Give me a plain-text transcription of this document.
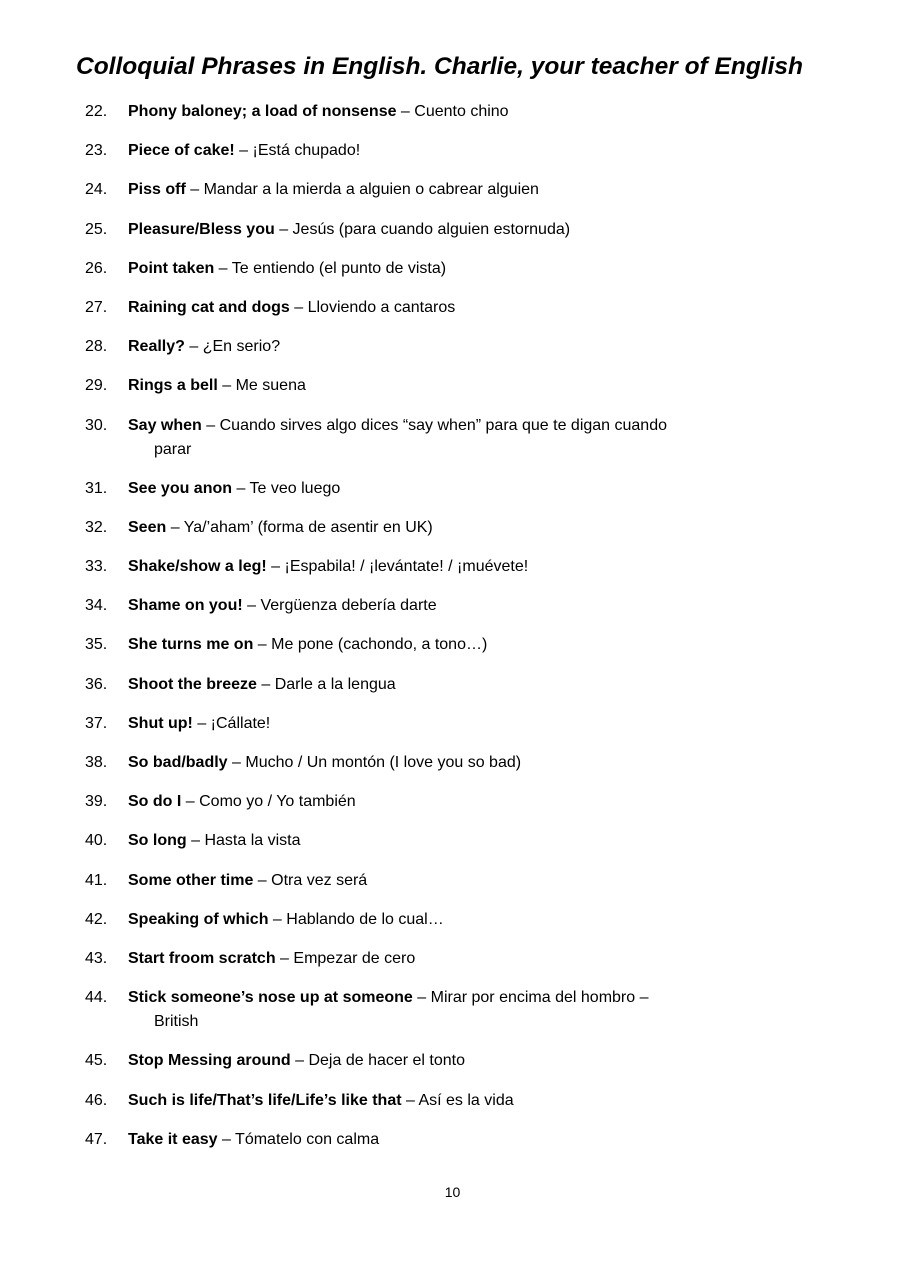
Colloquial Phrases in English. Charlie, your teacher of English
22.	Phony baloney; a load of nonsense – Cuento chino
23.	Piece of cake! – ¡Está chupado!
24.	Piss off – Mandar a la mierda a alguien o cabrear alguien
25.	Pleasure/Bless you – Jesús (para cuando alguien estornuda)
26.	Point taken – Te entiendo (el punto de vista)
27.	Raining cat and dogs – Lloviendo a cantaros
28.	Really? – ¿En serio?
29.	Rings a bell – Me suena
30.	Say when – Cuando sirves algo dices “say when” para que te digan cuando
parar
31.	See you anon – Te veo luego
32.	Seen – Ya/’aham’ (forma de asentir en UK)
33.	Shake/show a leg! – ¡Espabila! / ¡levántate! / ¡muévete!
34.	Shame on you! – Vergüenza debería darte
35.	She turns me on – Me pone (cachondo, a tono…)
36.	Shoot the breeze – Darle a la lengua
37.	Shut up! – ¡Cállate!
38.	So bad/badly – Mucho / Un montón (I love you so bad)
39.	So do I – Como yo / Yo también
40.	So long – Hasta la vista
41.	Some other time – Otra vez será
42.	Speaking of which – Hablando de lo cual…
43.	Start froom scratch – Empezar de cero
44.	Stick someone’s nose up at someone – Mirar por encima del hombro –
British
45.	Stop Messing around – Deja de hacer el tonto
46.	Such is life/That’s life/Life’s like that – Así es la vida
47.	Take it easy – Tómatelo con calma
10
